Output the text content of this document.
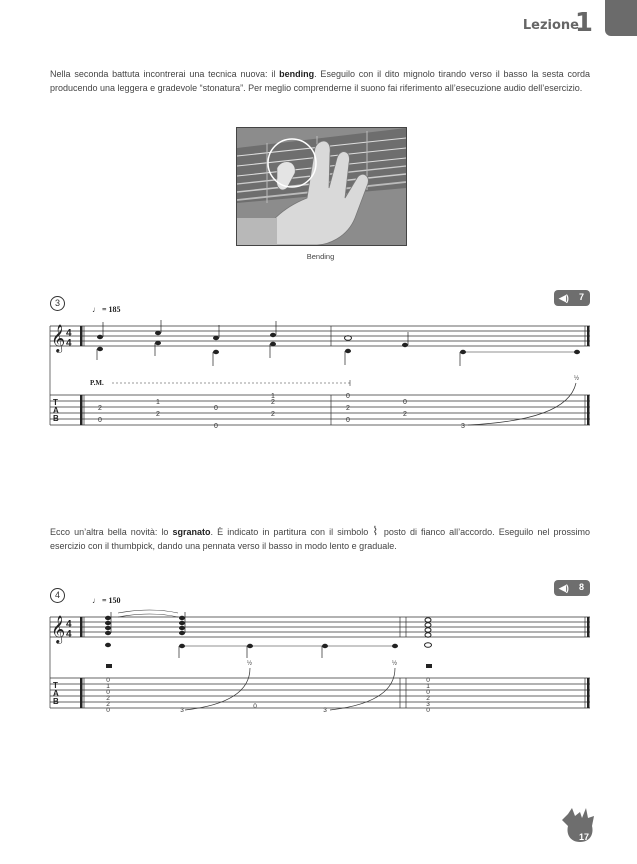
Lezione
1
Nella seconda battuta incontrerai una tecnica nuova: il bending. Eseguilo con il dito mignolo tirando verso il basso la sesta corda producendo una leggera e gradevole “stonatura”. Per meglio comprenderne il suono fai riferimento all’esecuzione audio dell’esercizio.
Bending
3
♩ = 185
◀) 7
P.M.
𝄞 4
4
T
A
B
½
2
0
1
2
0
0
2
1
2
0
2
0
2
0
3
Ecco un’altra bella novità: lo sgranato. È indicato in partitura con il simbolo ⌇ posto di fianco all’accordo. Eseguilo nel prossimo esercizio con il thumbpick, dando una pennata verso il basso in modo lento e graduale.
4
♩ = 150
◀) 8
𝄞 4
4
T
A
B
½	½
0
1
0
2
2
0	3
0
3
0
1
0
2
3
0
17
